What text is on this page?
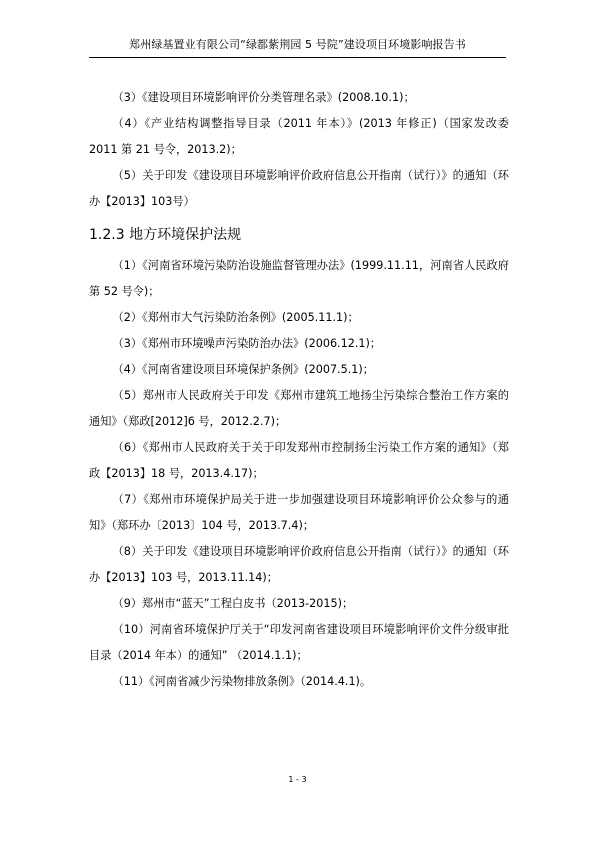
郑州绿基置业有限公司“绿都紫荆园 5 号院”建设项目环境影响报告书

（3）《建设项目环境影响评价分类管理名录》(2008.10.1)；

（4）《产业结构调整指导目录（2011 年本）》(2013 年修正)（国家发改委 2011 第 21 号令，2013.2)；

（5）关于印发《建设项目环境影响评价政府信息公开指南（试行）》的通知（环办【2013】103号）

1.2.3 地方环境保护法规

（1）《河南省环境污染防治设施监督管理办法》(1999.11.11，河南省人民政府第 52 号令)；

（2）《郑州市大气污染防治条例》(2005.11.1)；

（3）《郑州市环境噪声污染防治办法》(2006.12.1)；

（4）《河南省建设项目环境保护条例》(2007.5.1)；

（5）郑州市人民政府关于印发《郑州市建筑工地扬尘污染综合整治工作方案的通知》（郑政[2012]6 号，2012.2.7)；

（6）《郑州市人民政府关于关于印发郑州市控制扬尘污染工作方案的通知》（郑政【2013】18 号，2013.4.17)；

（7）《郑州市环境保护局关于进一步加强建设项目环境影响评价公众参与的通知》（郑环办〔2013〕104 号，2013.7.4)；

（8）关于印发《建设项目环境影响评价政府信息公开指南（试行）》的通知（环办【2013】103 号，2013.11.14)；

（9）郑州市“蓝天”工程白皮书（2013-2015)；

（10）河南省环境保护厅关于“印发河南省建设项目环境影响评价文件分级审批目录（2014 年本）的通知” （2014.1.1)；

（11）《河南省减少污染物排放条例》（2014.4.1)。

1 - 3
